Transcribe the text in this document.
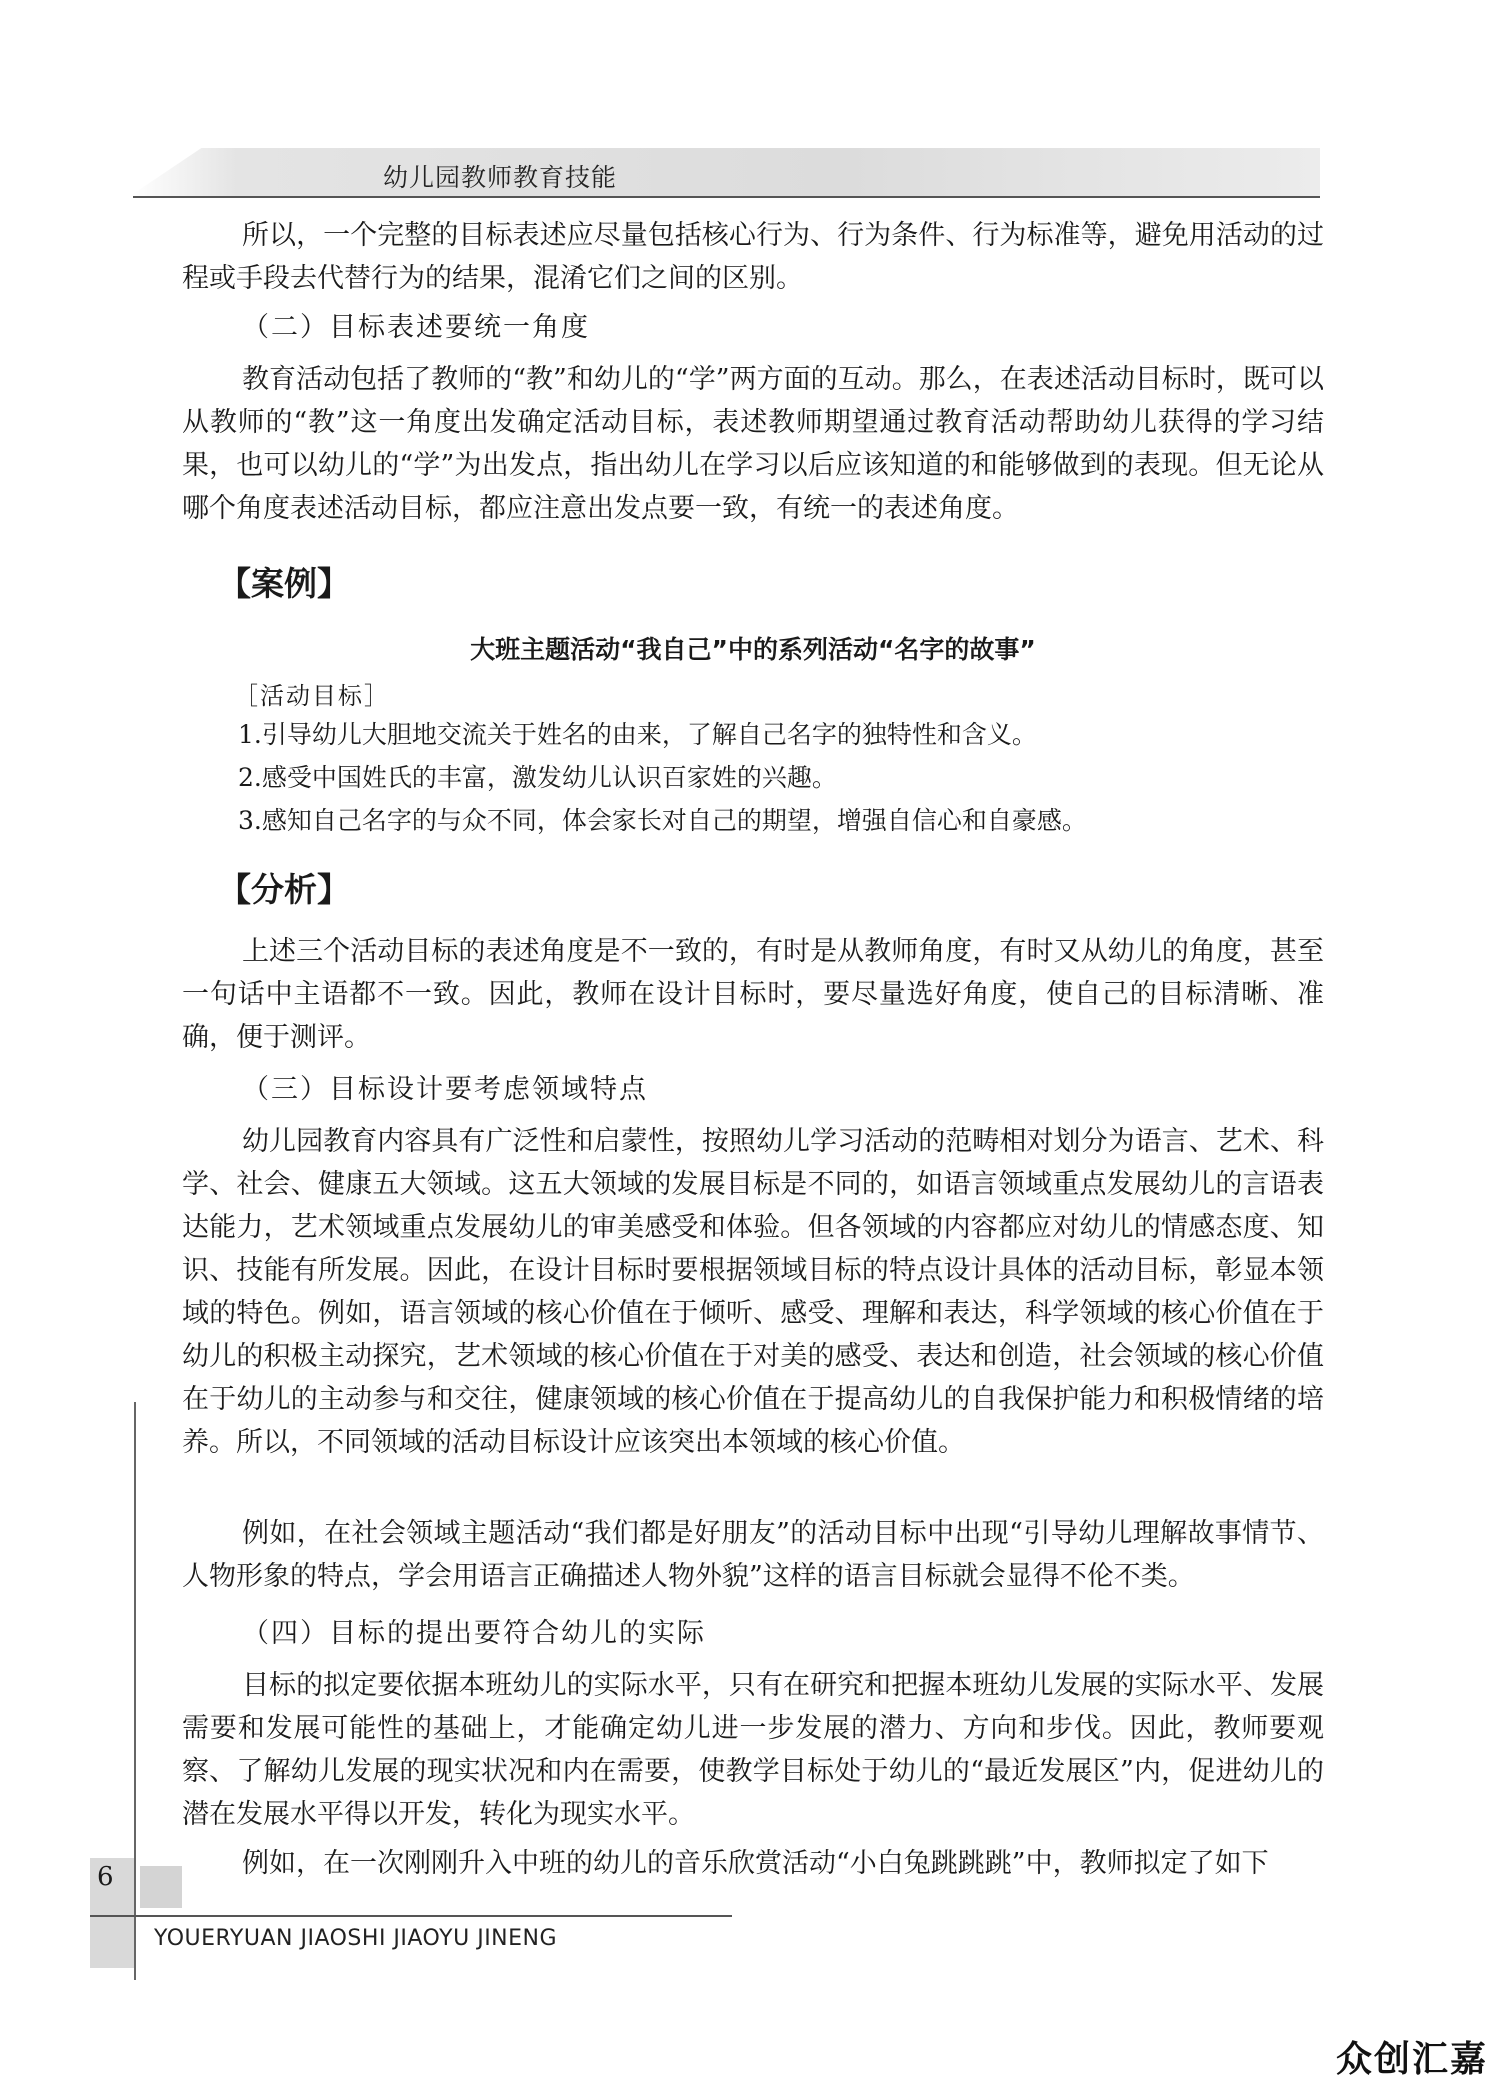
幼儿园教师教育技能

所以，一个完整的目标表述应尽量包括核心行为、行为条件、行为标准等，避免用活动的过程或手段去代替行为的结果，混淆它们之间的区别。

（二）目标表述要统一角度

教育活动包括了教师的“教”和幼儿的“学”两方面的互动。那么，在表述活动目标时，既可以从教师的“教”这一角度出发确定活动目标，表述教师期望通过教育活动帮助幼儿获得的学习结果，也可以幼儿的“学”为出发点，指出幼儿在学习以后应该知道的和能够做到的表现。但无论从哪个角度表述活动目标，都应注意出发点要一致，有统一的表述角度。

【案例】
大班主题活动“我自己”中的系列活动“名字的故事”
［活动目标］

1.引导幼儿大胆地交流关于姓名的由来，了解自己名字的独特性和含义。

2.感受中国姓氏的丰富，激发幼儿认识百家姓的兴趣。

3.感知自己名字的与众不同，体会家长对自己的期望，增强自信心和自豪感。

【分析】

上述三个活动目标的表述角度是不一致的，有时是从教师角度，有时又从幼儿的角度，甚至一句话中主语都不一致。因此，教师在设计目标时，要尽量选好角度，使自己的目标清晰、准确，便于测评。

（三）目标设计要考虑领域特点

幼儿园教育内容具有广泛性和启蒙性，按照幼儿学习活动的范畴相对划分为语言、艺术、科学、社会、健康五大领域。这五大领域的发展目标是不同的，如语言领域重点发展幼儿的言语表达能力，艺术领域重点发展幼儿的审美感受和体验。但各领域的内容都应对幼儿的情感态度、知识、技能有所发展。因此，在设计目标时要根据领域目标的特点设计具体的活动目标，彰显本领域的特色。例如，语言领域的核心价值在于倾听、感受、理解和表达，科学领域的核心价值在于幼儿的积极主动探究，艺术领域的核心价值在于对美的感受、表达和创造，社会领域的核心价值在于幼儿的主动参与和交往，健康领域的核心价值在于提高幼儿的自我保护能力和积极情绪的培养。所以，不同领域的活动目标设计应该突出本领域的核心价值。

例如，在社会领域主题活动“我们都是好朋友”的活动目标中出现“引导幼儿理解故事情节、人物形象的特点，学会用语言正确描述人物外貌”这样的语言目标就会显得不伦不类。

（四）目标的提出要符合幼儿的实际

目标的拟定要依据本班幼儿的实际水平，只有在研究和把握本班幼儿发展的实际水平、发展需要和发展可能性的基础上，才能确定幼儿进一步发展的潜力、方向和步伐。因此，教师要观察、了解幼儿发展的现实状况和内在需要，使教学目标处于幼儿的“最近发展区”内，促进幼儿的潜在发展水平得以开发，转化为现实水平。

例如，在一次刚刚升入中班的幼儿的音乐欣赏活动“小白兔跳跳跳”中，教师拟定了如下

6
YOUERYUAN JIAOSHI JIAOYU JINENG
众创汇嘉
